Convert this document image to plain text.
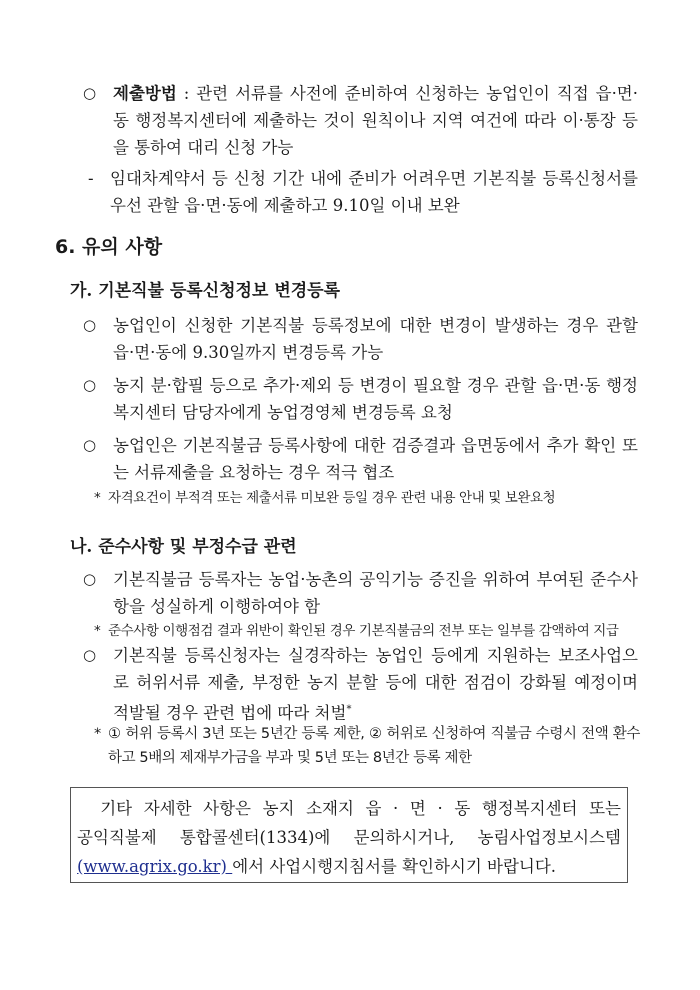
○ 제출방법 : 관련 서류를 사전에 준비하여 신청하는 농업인이 직접 읍·면·동 행정복지센터에 제출하는 것이 원칙이나 지역 여건에 따라 이·통장 등을 통하여 대리 신청 가능
- 임대차계약서 등 신청 기간 내에 준비가 어려우면 기본직불 등록신청서를 우선 관할 읍·면·동에 제출하고 9.10일 이내 보완
6. 유의 사항
가. 기본직불 등록신청정보 변경등록
○ 농업인이 신청한 기본직불 등록정보에 대한 변경이 발생하는 경우 관할 읍·면·동에 9.30일까지 변경등록 가능
○ 농지 분·합필 등으로 추가·제외 등 변경이 필요할 경우 관할 읍·면·동 행정복지센터 담당자에게 농업경영체 변경등록 요청
○ 농업인은 기본직불금 등록사항에 대한 검증결과 읍면동에서 추가 확인 또는 서류제출을 요청하는 경우 적극 협조
* 자격요건이 부적격 또는 제출서류 미보완 등일 경우 관련 내용 안내 및 보완요청
나. 준수사항 및 부정수급 관련
○ 기본직불금 등록자는 농업·농촌의 공익기능 증진을 위하여 부여된 준수사항을 성실하게 이행하여야 함
* 준수사항 이행점검 결과 위반이 확인된 경우 기본직불금의 전부 또는 일부를 감액하여 지급
○ 기본직불 등록신청자는 실경작하는 농업인 등에게 지원하는 보조사업으로 허위서류 제출, 부정한 농지 분할 등에 대한 점검이 강화될 예정이며 적발될 경우 관련 법에 따라 처벌*
* ① 허위 등록시 3년 또는 5년간 등록 제한, ② 허위로 신청하여 직불금 수령시 전액 환수하고 5배의 제재부가금을 부과 및 5년 또는 8년간 등록 제한

기타 자세한 사항은 농지 소재지 읍 · 면 · 동 행정복지센터 또는

공익직불제 통합콜센터(1334)에 문의하시거나, 농림사업정보시스템

(www.agrix.go.kr) 에서 사업시행지침서를 확인하시기 바랍니다.
